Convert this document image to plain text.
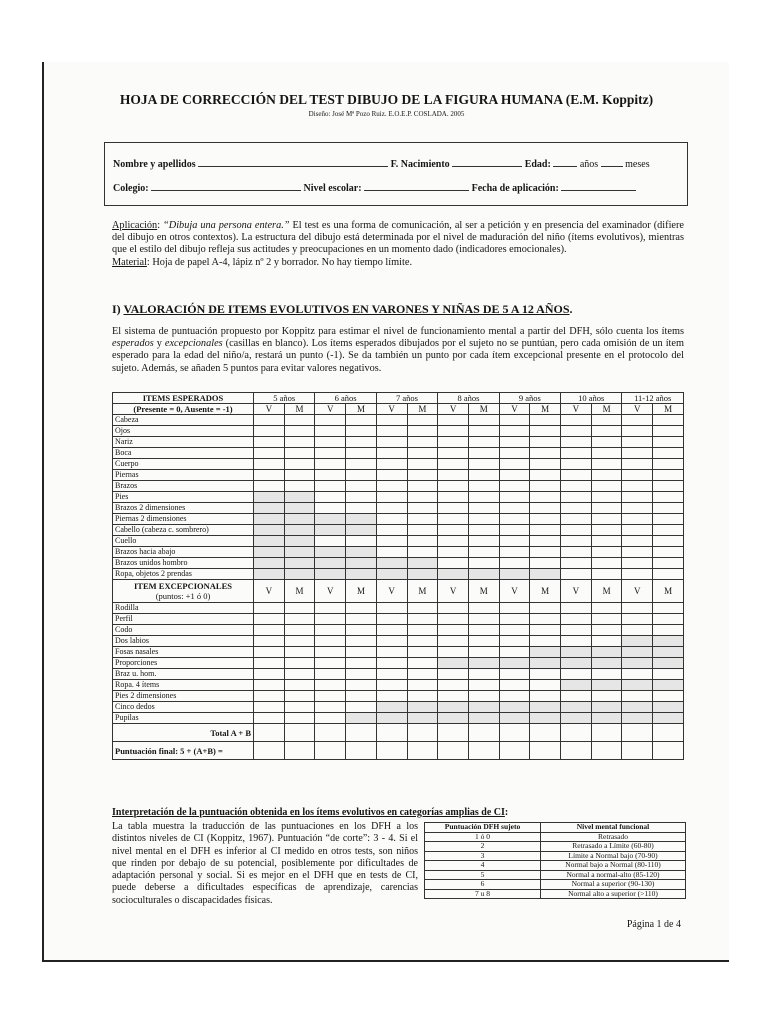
HOJA DE CORRECCIÓN DEL TEST DIBUJO DE LA FIGURA HUMANA (E.M. Koppitz)
Diseño: José Mª Pozo Ruiz. E.O.E.P. COSLADA. 2005
Nombre y apellidos	F. Nacimiento	Edad:	años	meses
Colegio:	Nivel escolar:	Fecha de aplicación:
Aplicación: “Dibuja una persona entera.” El test es una forma de comunicación, al ser a petición y en presencia del examinador (difiere del dibujo en otros contextos). La estructura del dibujo está determinada por el nivel de maduración del niño (ítems evolutivos), mientras que el estilo del dibujo refleja sus actitudes y preocupaciones en un momento dado (indicadores emocionales).
Material: Hoja de papel A-4, lápiz nº 2 y borrador. No hay tiempo límite.
I) VALORACIÓN DE ITEMS EVOLUTIVOS EN VARONES Y NIÑAS DE 5 A 12 AÑOS.
El sistema de puntuación propuesto por Koppitz para estimar el nivel de funcionamiento mental a partir del DFH, sólo cuenta los ítems esperados y excepcionales (casillas en blanco). Los ítems esperados dibujados por el sujeto no se puntúan, pero cada omisión de un ítem esperado para la edad del niño/a, restará un punto (-1). Se da también un punto por cada ítem excepcional presente en el protocolo del sujeto. Además, se añaden 5 puntos para evitar valores negativos.
ITEMS ESPERADOS	5 años		6 años		7 años		8 años		9 años		10 años		11-12 años	
(Presente = 0, Ausente = -1)	V	M	V	M	V	M	V	M	V	M	V	M	V	M
Cabeza														
Ojos														
Nariz														
Boca														
Cuerpo														
Piernas														
Brazos														
Pies														
Brazos 2 dimensiones														
Piernas 2 dimensiones														
Cabello (cabeza c. sombrero)														
Cuello														
Brazos hacia abajo														
Brazos unidos hombro														
Ropa, objetos 2 prendas														

ITEM EXCEPCIONALES
(puntos: +1 ó 0)	V	M	V	M	V	M	V	M	V	M	V	M	V	M
Rodilla														
Perfil														
Codo														
Dos labios														
Fosas nasales														
Proporciones														
Braz u. hom.														
Ropa. 4 ítems														
Pies 2 dimensiones														
Cinco dedos														
Pupilas														
Total A + B														
Puntuación final: 5 + (A+B) =														
Interpretación de la puntuación obtenida en los ítems evolutivos en categorías amplias de CI:
La tabla muestra la traducción de las puntuaciones en los DFH a los distintos niveles de CI (Koppitz, 1967). Puntuación “de corte”: 3 - 4. Si el nivel mental en el DFH es inferior al CI medido en otros tests, son niños que rinden por debajo de su potencial, posiblemente por dificultades de adaptación personal y social. Si es mejor en el DFH que en tests de CI, puede deberse a dificultades específicas de aprendizaje, carencias socioculturales o discapacidades físicas.
Puntuación DFH sujeto	Nivel mental funcional
1 ó 0	Retrasado
2	Retrasado a Límite (60-80)
3	Límite a Normal bajo (70-90)
4	Normal bajo a Normal (80-110)
5	Normal a normal-alto (85-120)
6	Normal a superior (90-130)
7 u 8	Normal alto a superior (>110)
Página 1 de 4
